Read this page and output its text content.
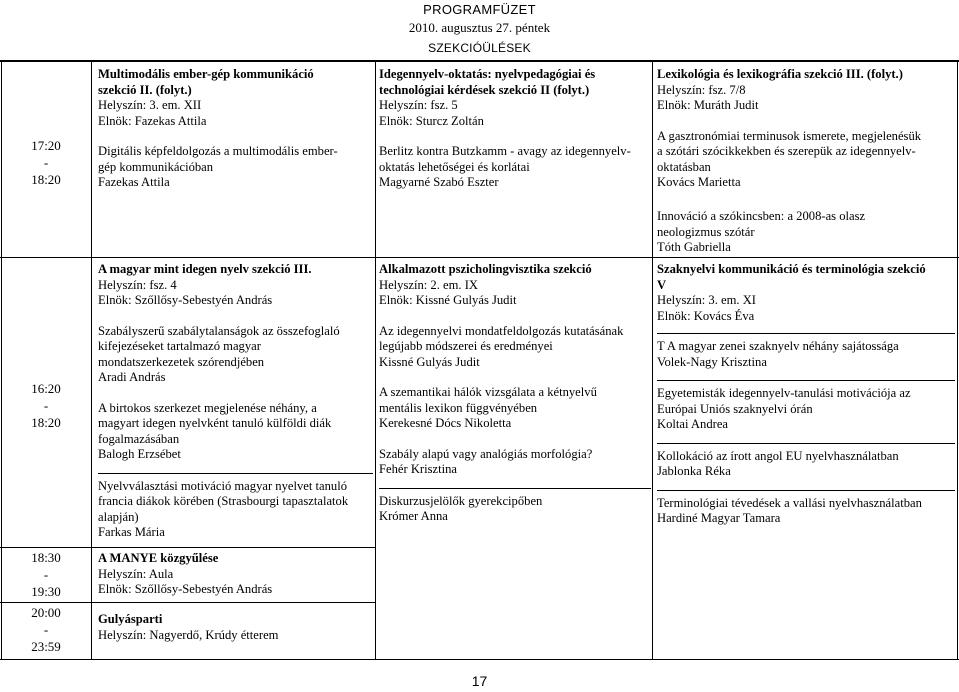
PROGRAMFÜZET
2010. augusztus 27. péntek
SZEKCIÓÜLÉSEK
17:20
-
18:20
16:20
-
18:20
18:30
-
19:30
20:00
-
23:59

Multimodális ember-gép kommunikáció

szekció II. (folyt.)

Helyszín: 3. em. XII

Elnök: Fazekas Attila

Digitális képfeldolgozás a multimodális ember-

gép kommunikációban

Fazekas Attila

Idegennyelv-oktatás: nyelvpedagógiai és

technológiai kérdések szekció II (folyt.)

Helyszín: fsz. 5

Elnök: Sturcz Zoltán

Berlitz kontra Butzkamm - avagy az idegennyelv-

oktatás lehetőségei és korlátai

Magyarné Szabó Eszter

Lexikológia és lexikográfia szekció III. (folyt.)

Helyszín: fsz. 7/8

Elnök: Muráth Judit

A gasztronómiai terminusok ismerete, megjelenésük

a szótári szócikkekben és szerepük az idegennyelv-

oktatásban

Kovács Marietta

Innováció a szókincsben: a 2008-as olasz

neologizmus szótár

Tóth Gabriella

A magyar mint idegen nyelv szekció III.

Helyszín: fsz. 4

Elnök: Szőllősy-Sebestyén András

Szabályszerű szabálytalanságok az összefoglaló

kifejezéseket tartalmazó magyar

mondatszerkezetek szórendjében

Aradi András

A birtokos szerkezet megjelenése néhány, a

magyart idegen nyelvként tanuló külföldi diák

fogalmazásában

Balogh Erzsébet

Nyelvválasztási motiváció magyar nyelvet tanuló

francia diákok körében (Strasbourgi tapasztalatok

alapján)

Farkas Mária

Alkalmazott pszicholingvisztika szekció

Helyszín: 2. em. IX

Elnök: Kissné Gulyás Judit

Az idegennyelvi mondatfeldolgozás kutatásának

legújabb módszerei és eredményei

Kissné Gulyás Judit

A szemantikai hálók vizsgálata a kétnyelvű

mentális lexikon függvényében

Kerekesné Dócs Nikoletta

Szabály alapú vagy analógiás morfológia?

Fehér Krisztina

Diskurzusjelölők gyerekcipőben

Krómer Anna

Szaknyelvi kommunikáció és terminológia szekció

V

Helyszín: 3. em. XI

Elnök: Kovács Éva

T A magyar zenei szaknyelv néhány sajátossága

Volek-Nagy Krisztina

Egyetemisták idegennyelv-tanulási motivációja az

Európai Uniós szaknyelvi órán

Koltai Andrea

Kollokáció az írott angol EU nyelvhasználatban

Jablonka Réka

Terminológiai tévedések a vallási nyelvhasználatban

Hardiné Magyar Tamara

A MANYE közgyűlése

Helyszín: Aula

Elnök: Szőllősy-Sebestyén András

Gulyásparti

Helyszín: Nagyerdő, Krúdy étterem

17
